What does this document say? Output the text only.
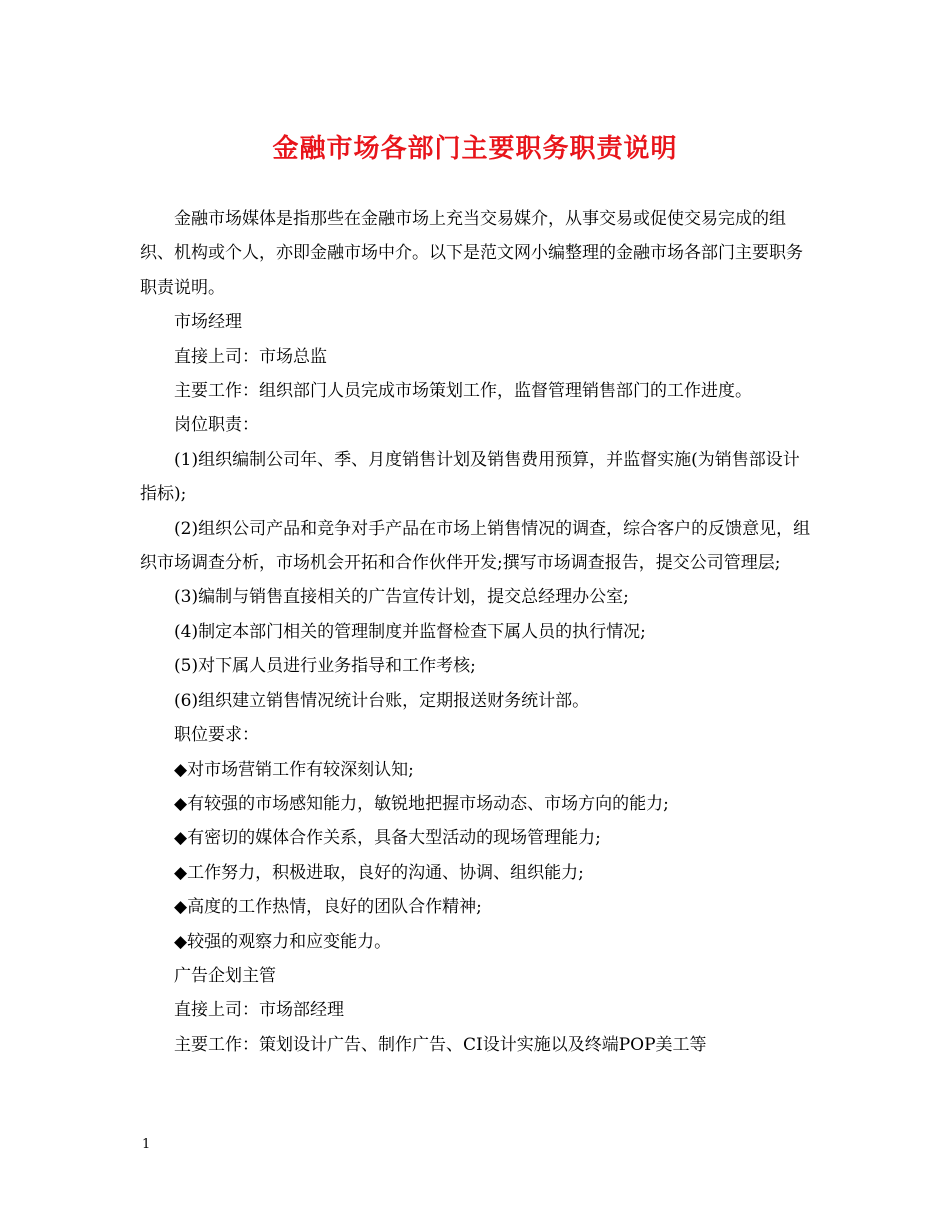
金融市场各部门主要职务职责说明

金融市场媒体是指那些在金融市场上充当交易媒介，从事交易或促使交易完成的组织、机构或个人，亦即金融市场中介。以下是范文网小编整理的金融市场各部门主要职务职责说明。

市场经理

直接上司：市场总监

主要工作：组织部门人员完成市场策划工作，监督管理销售部门的工作进度。

岗位职责：

(1)组织编制公司年、季、月度销售计划及销售费用预算，并监督实施(为销售部设计指标);

(2)组织公司产品和竞争对手产品在市场上销售情况的调查，综合客户的反馈意见，组织市场调查分析，市场机会开拓和合作伙伴开发;撰写市场调查报告，提交公司管理层;

(3)编制与销售直接相关的广告宣传计划，提交总经理办公室;

(4)制定本部门相关的管理制度并监督检查下属人员的执行情况;

(5)对下属人员进行业务指导和工作考核;

(6)组织建立销售情况统计台账，定期报送财务统计部。

职位要求：

◆对市场营销工作有较深刻认知;

◆有较强的市场感知能力，敏锐地把握市场动态、市场方向的能力;

◆有密切的媒体合作关系，具备大型活动的现场管理能力;

◆工作努力，积极进取，良好的沟通、协调、组织能力;

◆高度的工作热情，良好的团队合作精神;

◆较强的观察力和应变能力。

广告企划主管

直接上司：市场部经理

主要工作：策划设计广告、制作广告、CI设计实施以及终端POP美工等

1
